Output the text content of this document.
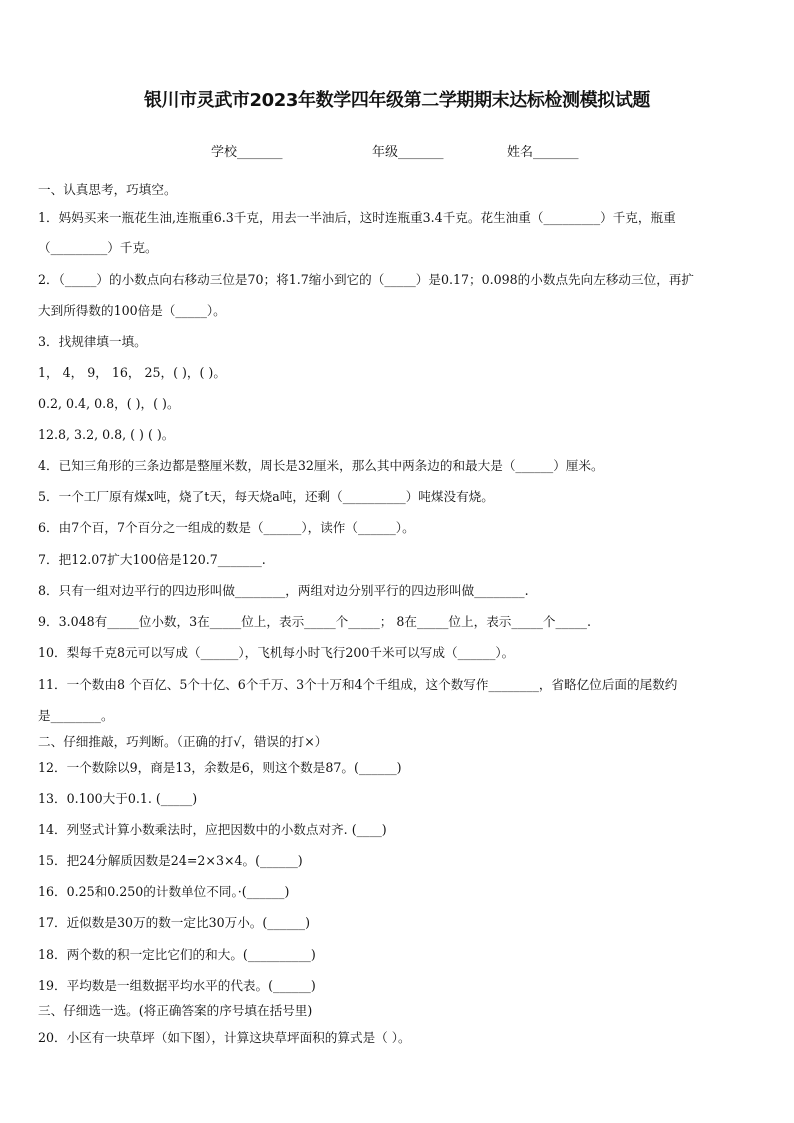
银川市灵武市2023年数学四年级第二学期期末达标检测模拟试题
学校_______	年级_______	姓名_______
一、认真思考，巧填空。
1．妈妈买来一瓶花生油,连瓶重6.3千克，用去一半油后，这时连瓶重3.4千克。花生油重（_________）千克，瓶重
（_________）千克。
2．（_____）的小数点向右移动三位是70；将1.7缩小到它的（_____）是0.17；0.098的小数点先向左移动三位，再扩
大到所得数的100倍是（_____）。
3．找规律填一填。
1， 4， 9， 16， 25，( )，( )。
0.2, 0.4, 0.8，( )，( )。
12.8, 3.2, 0.8, ( ) ( )。
4．已知三角形的三条边都是整厘米数，周长是32厘米，那么其中两条边的和最大是（______）厘米。
5．一个工厂原有煤x吨，烧了t天，每天烧a吨，还剩（__________）吨煤没有烧。
6．由7个百，7个百分之一组成的数是（______），读作（______）。
7．把12.07扩大100倍是120.7_______.
8．只有一组对边平行的四边形叫做________，两组对边分别平行的四边形叫做________.
9．3.048有_____位小数，3在_____位上，表示_____个_____； 8在_____位上，表示_____个_____.
10．梨每千克8元可以写成（______），飞机每小时飞行200千米可以写成（______）。
11．一个数由8 个百亿、5个十亿、6个千万、3个十万和4个千组成，这个数写作________，省略亿位后面的尾数约
是________。
二、仔细推敲，巧判断。（正确的打√，错误的打×）
12．一个数除以9，商是13，余数是6，则这个数是87。(______)
13．0.100大于0.1. (_____)
14．列竖式计算小数乘法时，应把因数中的小数点对齐. (____)
15．把24分解质因数是24=2×3×4。(______)
16．0.25和0.250的计数单位不同。·(______)
17．近似数是30万的数一定比30万小。(______)
18．两个数的积一定比它们的和大。(__________)
19．平均数是一组数据平均水平的代表。(______)
三、仔细选一选。(将正确答案的序号填在括号里)
20．小区有一块草坪（如下图），计算这块草坪面积的算式是（ ）。
